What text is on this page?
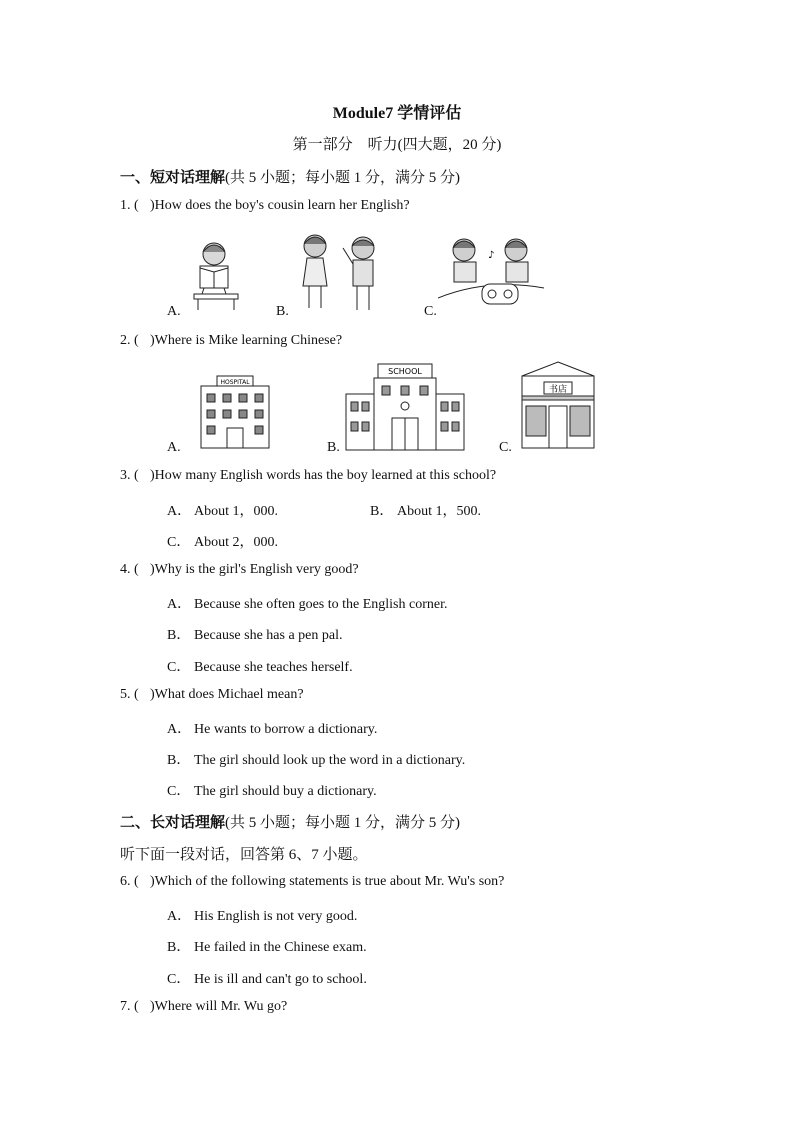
Module7 学情评估
第一部分　听力(四大题，20 分)
一、短对话理解(共 5 小题；每小题 1 分，满分 5 分)
1. ( )How does the boy's cousin learn her English?
♪
A.	B.	C.
2. ( )Where is Mike learning Chinese?
HOSPITAL
SCHOOL
书店
A.	B.	C.
3. ( )How many English words has the boy learned at this school?
A． About 1，000.	B． About 1，500.
C． About 2，000.
4. ( )Why is the girl's English very good?
A． Because she often goes to the English corner.
B． Because she has a pen pal.
C． Because she teaches herself.
5. ( )What does Michael mean?
A． He wants to borrow a dictionary.
B． The girl should look up the word in a dictionary.
C． The girl should buy a dictionary.
二、长对话理解(共 5 小题；每小题 1 分，满分 5 分)
听下面一段对话，回答第 6、7 小题。
6. ( )Which of the following statements is true about Mr. Wu's son?
A． His English is not very good.
B． He failed in the Chinese exam.
C． He is ill and can't go to school.
7. ( )Where will Mr. Wu go?
